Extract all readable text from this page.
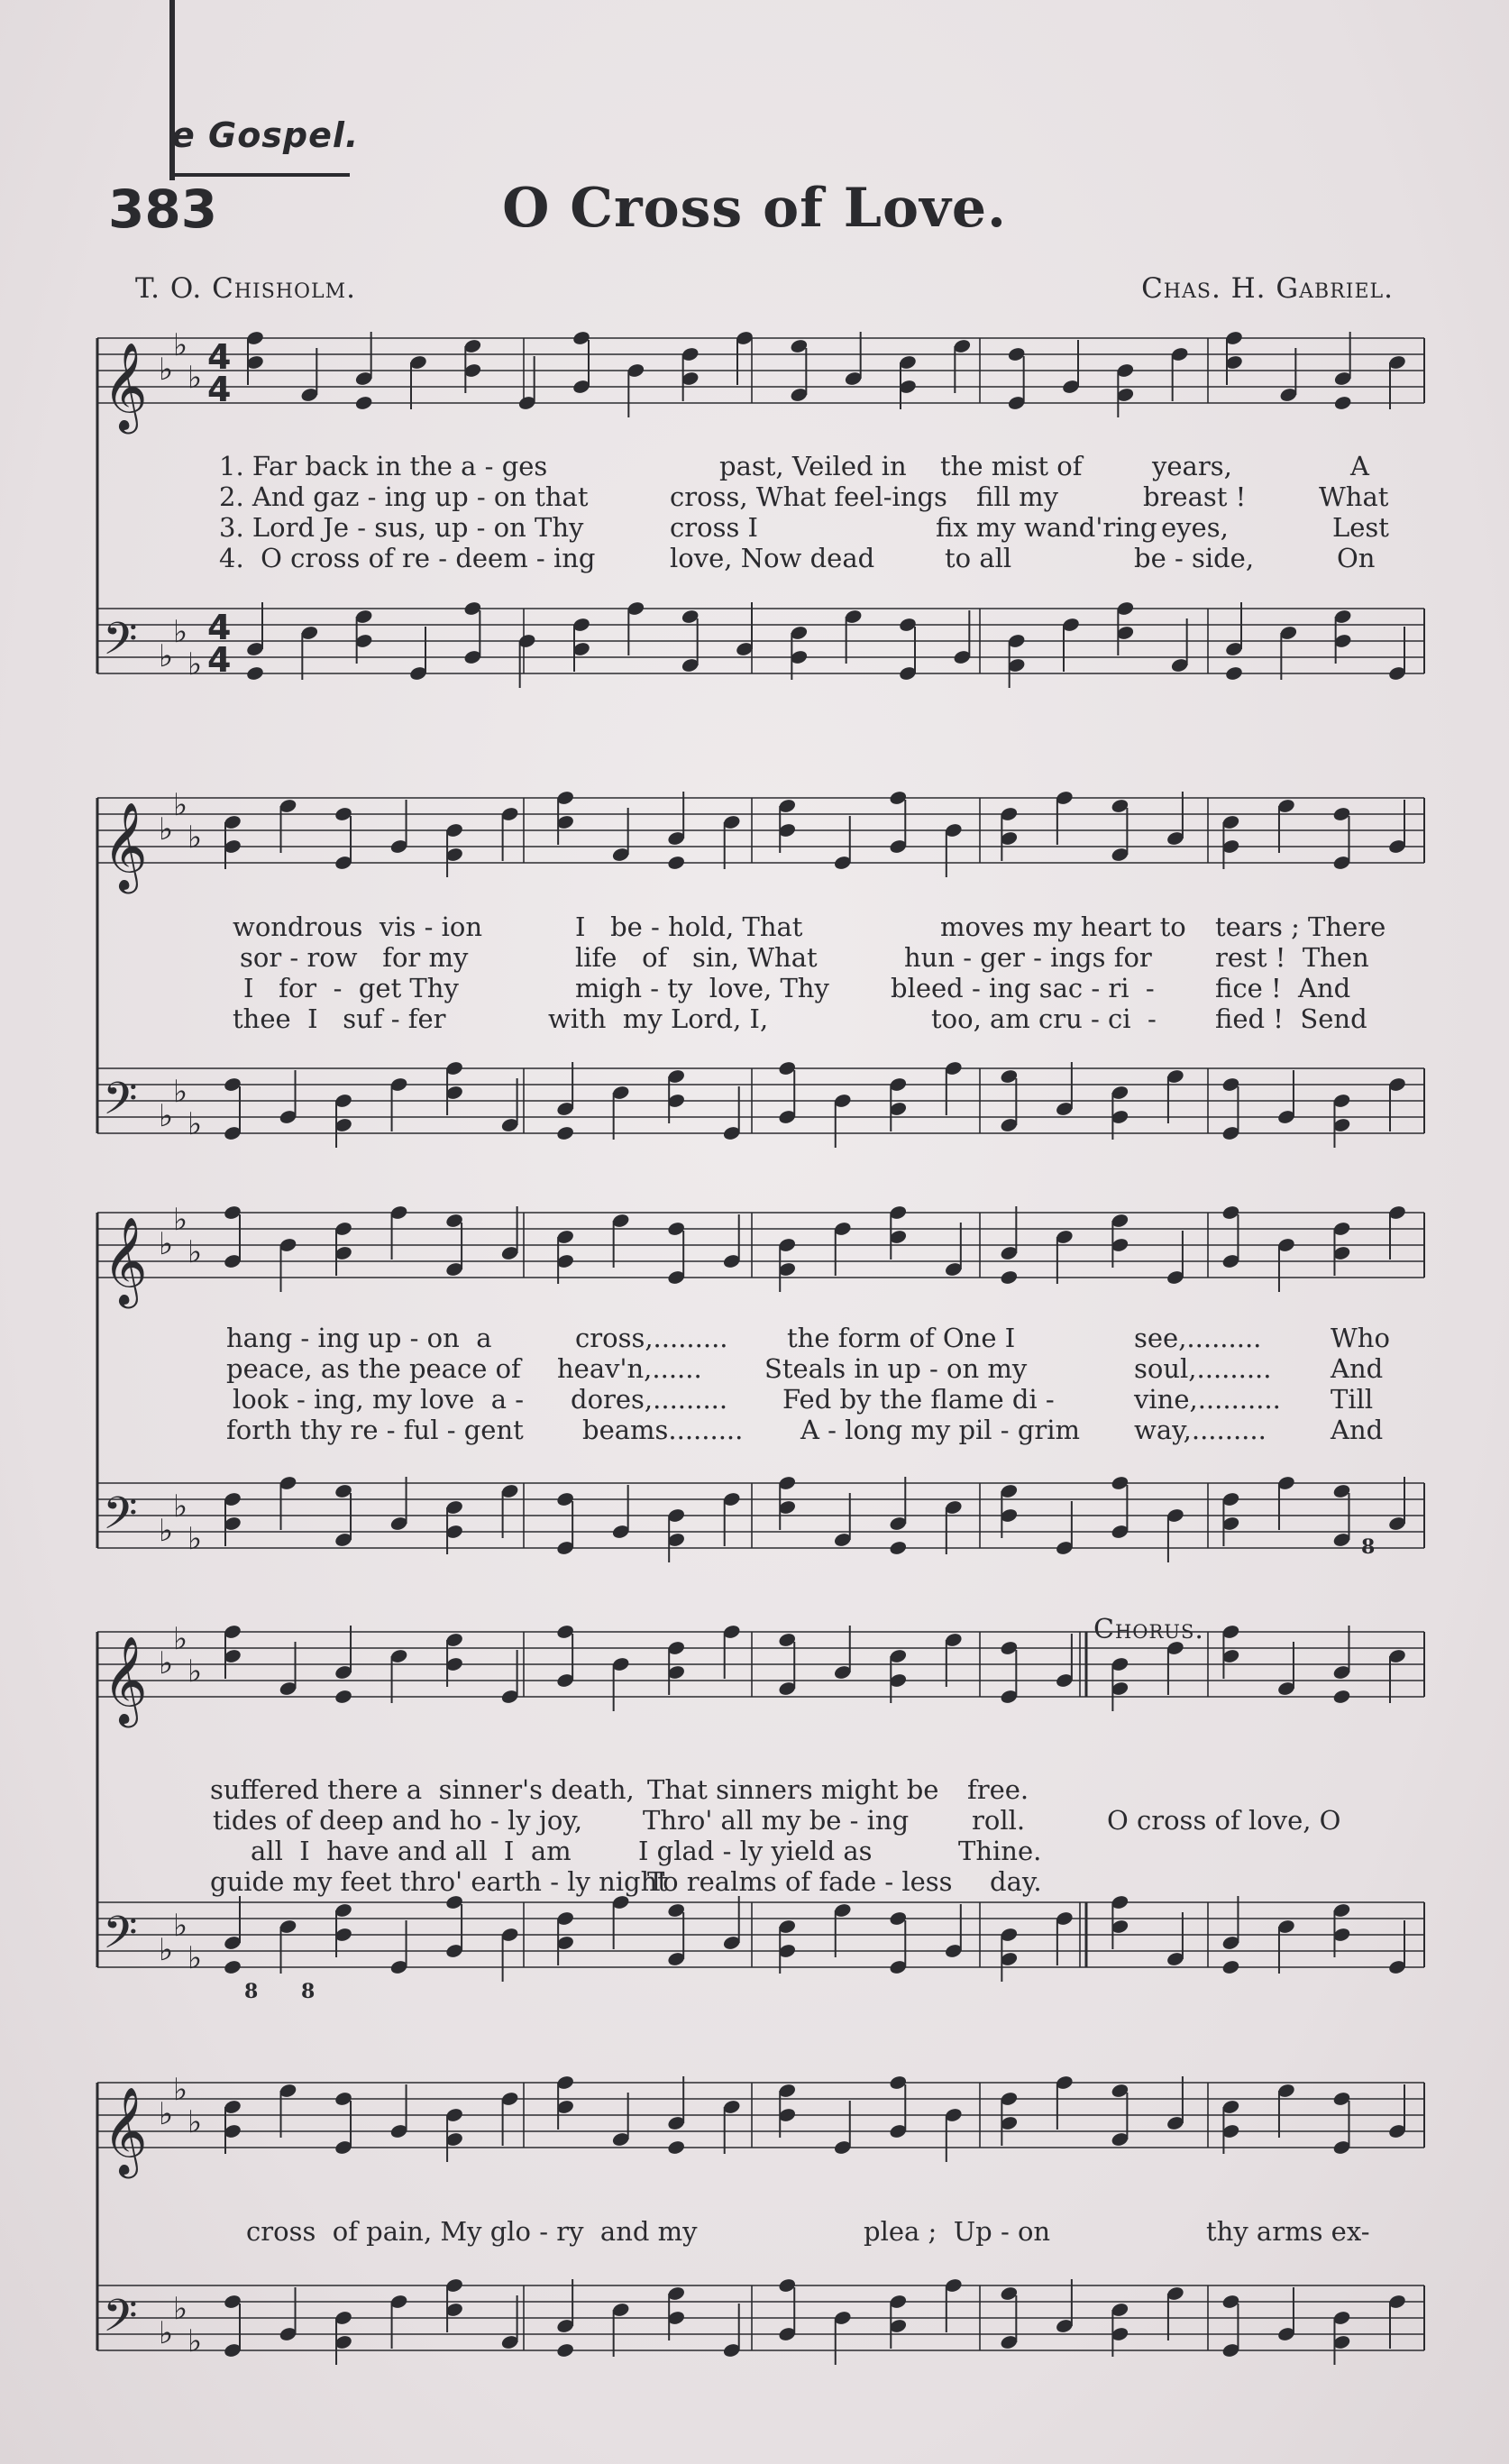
e Gospel.
383	O Cross of Love.
T. O. Chisholm.	Chas. H. Gabriel.
𝄞 ♭
♭
♭
4
4
𝄢 ♭
♭
♭
4
4

1. Far back in the a - ges

	past, Veiled in

the mist of

	years,

	A

2. And gaz - ing up - on that

	cross, What feel-ings

fill my

	breast !

	What

3. Lord Je - sus, up - on Thy

	cross I

	fix my wand'ring

eyes,

	Lest

4.  O cross of re - deem - ing

	love, Now dead

	to all

	be - side,

	On

𝄞 ♭
♭
♭
𝄢 ♭
♭
♭

wondrous  vis - ion

	I   be - hold, That

	moves my heart to

tears ; There

sor - row   for my

	life   of   sin, What

	hun - ger - ings for

rest !  Then

I   for  -  get Thy

	migh - ty  love, Thy

bleed - ing sac - ri  -

fice !  And

thee  I   suf - fer

	with  my Lord, I,

	too, am cru - ci  -

fied !  Send

𝄞 ♭
♭
♭
𝄢 ♭
♭
♭

hang - ing up - on  a

	cross,.........

the form of One I

	see,.........

	Who

peace, as the peace of

heav'n,......

Steals in up - on my

	soul,.........

And

look - ing, my love  a -

dores,.........

Fed by the flame di -

	vine,..........

Till

forth thy re - ful - gent

beams.........

A - long my pil - grim

way,.........

And

8
𝄞 ♭
♭
♭
𝄢 ♭
♭
♭
Chorus.

suffered there a  sinner's death,

That sinners might be

free.

tides of deep and ho - ly joy,

Thro' all my be - ing

roll.

	O cross of love, O

all  I  have and all  I  am

	I glad - ly yield as

	Thine.

guide my feet thro' earth - ly night

To realms of fade - less

day.

8 8
𝄞 ♭
♭
♭
𝄢 ♭
♭
♭

cross  of pain, My glo - ry  and my

	plea ;  Up - on

	thy arms ex-
